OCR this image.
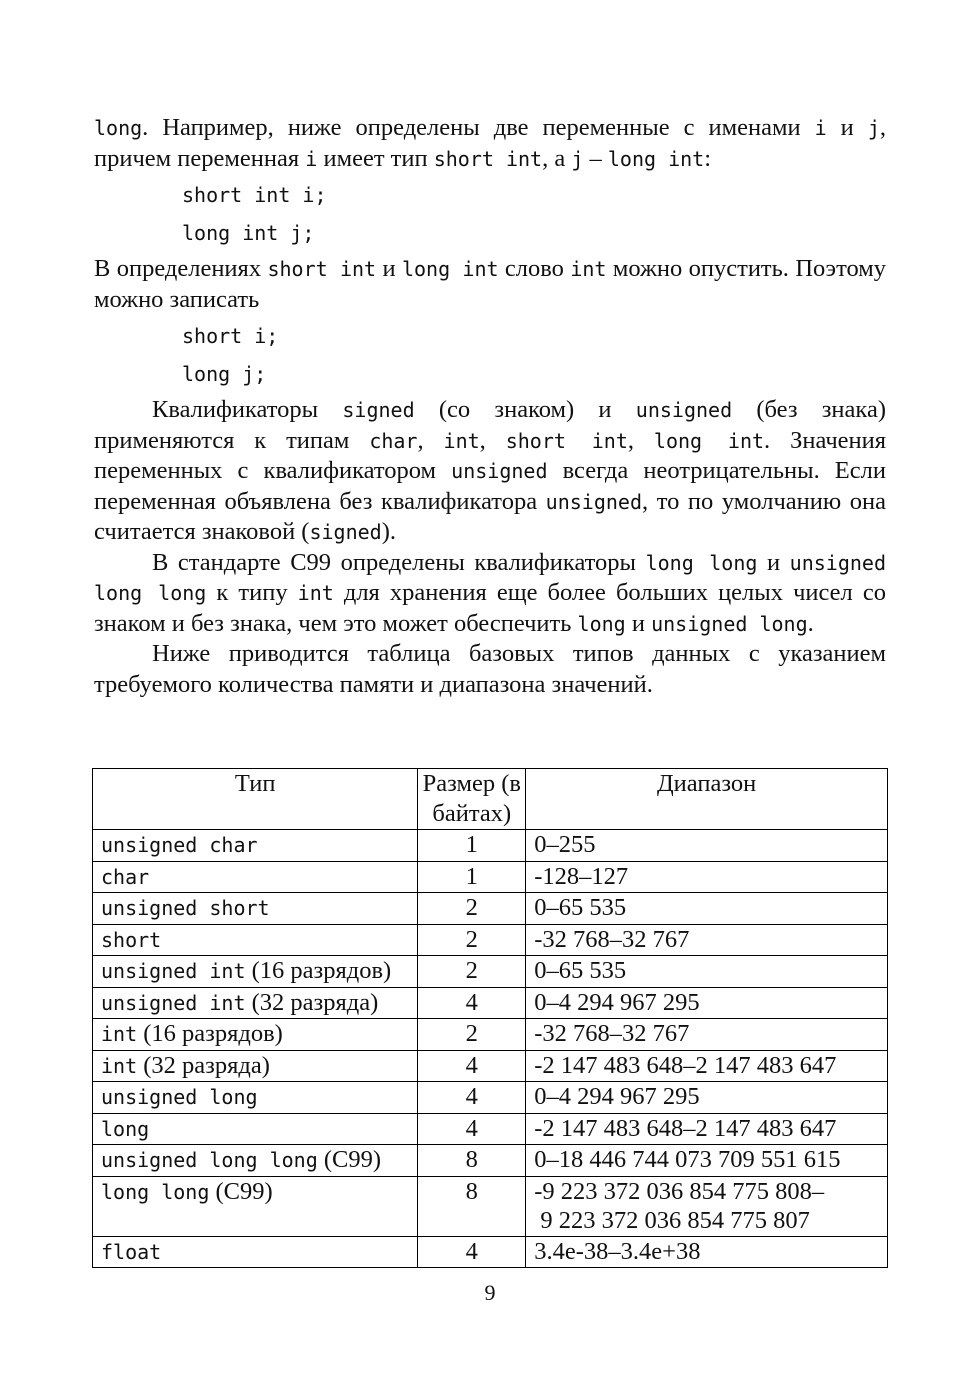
long. Например, ниже определены две переменные с именами i и j, причем переменная i имеет тип short int, а j – long int:

short int i;
long int j;

В определениях short int и long int слово int можно опустить. Поэтому можно записать

short i;
long j;

Квалификаторы signed (со знаком) и unsigned (без знака) применяются к типам char, int, short int, long int. Значения переменных с квалификатором unsigned всегда неотрицательны. Если переменная объявлена без квалификатора unsigned, то по умолчанию она считается знаковой (signed).

В стандарте C99 определены квалификаторы long long и unsigned long long к типу int для хранения еще более больших целых чисел со знаком и без знака, чем это может обеспечить long и unsigned long.

Ниже приводится таблица базовых типов данных с указанием требуемого количества памяти и диапазона значений.

Тип	Размер (в байтах)	Диапазон
unsigned char	1	0–255
char	1	-128–127
unsigned short	2	0–65 535
short	2	-32 768–32 767
unsigned int (16 разрядов)	2	0–65 535
unsigned int (32 разряда)	4	0–4 294 967 295
int (16 разрядов)	2	-32 768–32 767
int (32 разряда)	4	-2 147 483 648–2 147 483 647
unsigned long	4	0–4 294 967 295
long	4	-2 147 483 648–2 147 483 647
unsigned long long (C99)	8	0–18 446 744 073 709 551 615
long long (C99)	8	-9 223 372 036 854 775 808–
9 223 372 036 854 775 807

float	4	3.4e-38–3.4e+38
9
